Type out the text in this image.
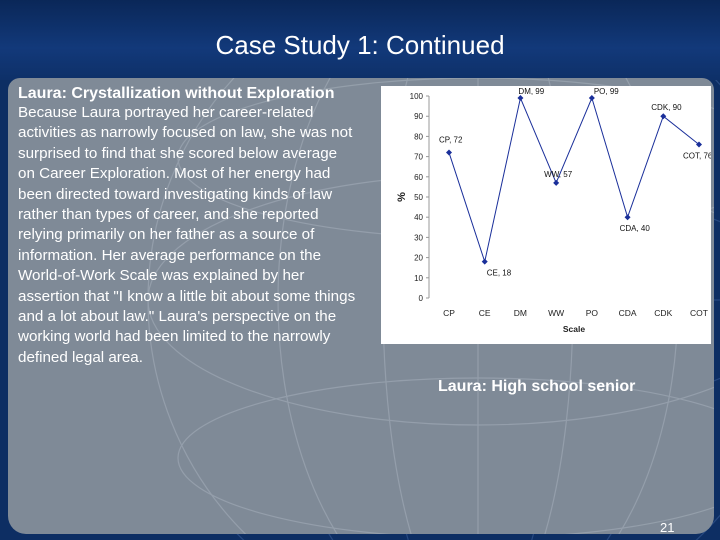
Case Study 1: Continued
Laura: Crystallization without Exploration
Because Laura portrayed her career-related activities as narrowly focused on law, she was not surprised to find that she scored below average on Career Exploration. Most of her energy had been directed toward investigating kinds of law rather than types of career, and she reported relying primarily on her father as a source of information. Her average performance on the World-of-Work Scale was explained by her assertion that "I know a little bit about some things and a lot about law." Laura's perspective on the working world had been limited to the narrowly defined legal area.
0
10
20
30
40
50
60
70
80
90
100
%
CP	CE	DM WW	PO CDA CDK COT
Scale
CP, 72
CE, 18
DM, 99
WW, 57
PO, 99
CDA, 40
CDK, 90
COT, 76
Laura: High school senior
21
